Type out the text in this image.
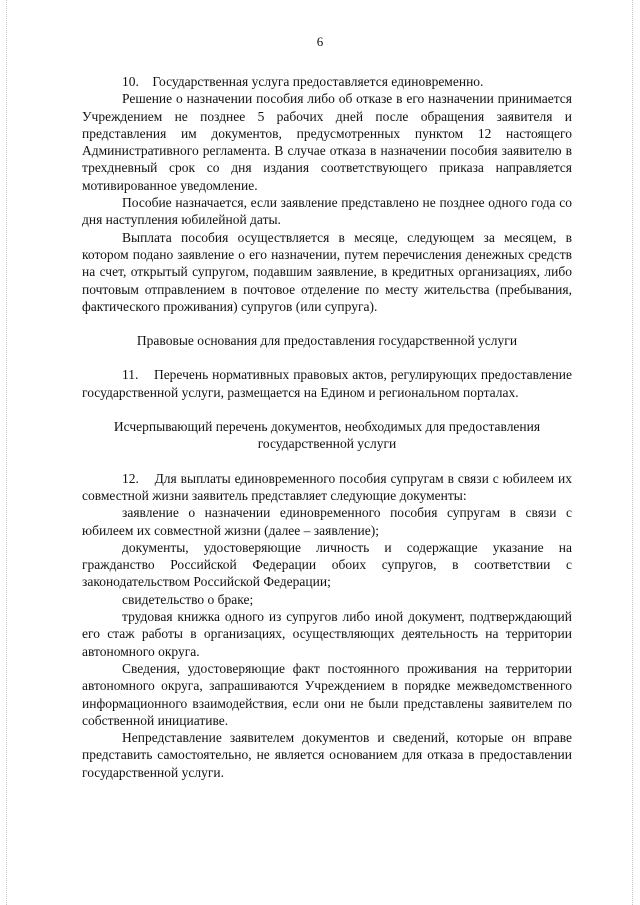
6

10.    Государственная услуга предоставляется единовременно.

Решение о назначении пособия либо об отказе в его назначении принимается Учреждением не позднее 5 рабочих дней после обращения заявителя и представления им документов, предусмотренных пунктом 12 настоящего Административного регламента. В случае отказа в назначении пособия заявителю в трехдневный срок со дня издания соответствующего приказа направляется мотивированное уведомление.

Пособие назначается, если заявление представлено не позднее одного года со дня наступления юбилейной даты.

Выплата пособия осуществляется в месяце, следующем за месяцем, в котором подано заявление о его назначении, путем перечисления денежных средств на счет, открытый супругом, подавшим заявление, в кредитных организациях, либо почтовым отправлением в почтовое отделение по месту жительства (пребывания, фактического проживания) супругов (или супруга).

Правовые основания для предоставления государственной услуги

11.    Перечень нормативных правовых актов, регулирующих предоставление государственной услуги, размещается на Едином и региональном порталах.

Исчерпывающий перечень документов, необходимых для предоставления государственной услуги

12.    Для выплаты единовременного пособия супругам в связи с юбилеем их совместной жизни заявитель представляет следующие документы:

заявление о назначении единовременного пособия супругам в связи с юбилеем их совместной жизни (далее – заявление);

документы, удостоверяющие личность и содержащие указание на гражданство Российской Федерации обоих супругов, в соответствии с законодательством Российской Федерации;

свидетельство о браке;

трудовая книжка одного из супругов либо иной документ, подтверждающий его стаж работы в организациях, осуществляющих деятельность на территории автономного округа.

Сведения, удостоверяющие факт постоянного проживания на территории автономного округа, запрашиваются Учреждением в порядке межведомственного информационного взаимодействия, если они не были представлены заявителем по собственной инициативе.

Непредставление заявителем документов и сведений, которые он вправе представить самостоятельно, не является основанием для отказа в предоставлении государственной услуги.
